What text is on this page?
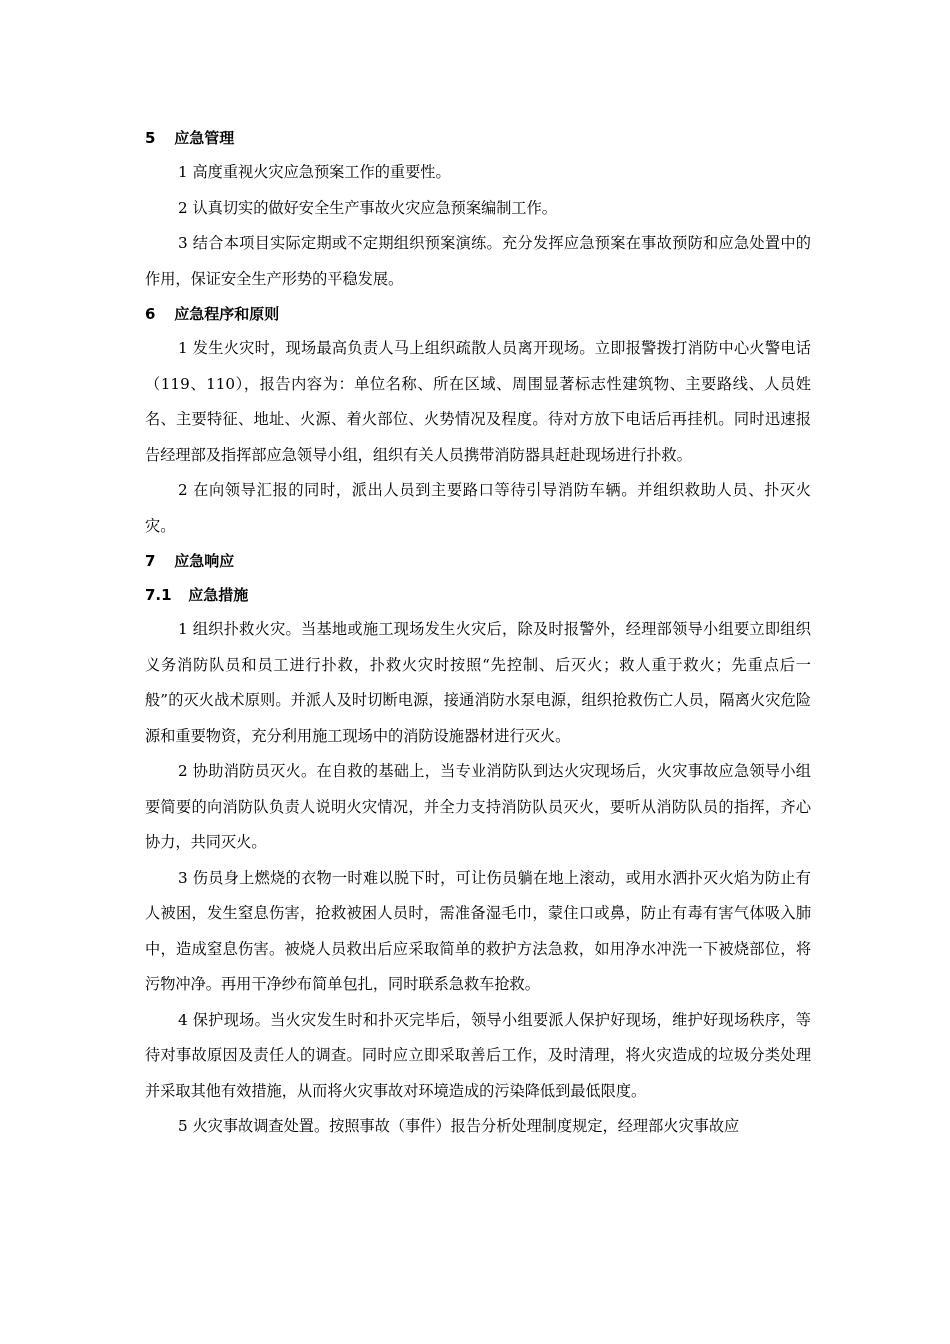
5 应急管理

1 高度重视火灾应急预案工作的重要性。

2 认真切实的做好安全生产事故火灾应急预案编制工作。

3 结合本项目实际定期或不定期组织预案演练。充分发挥应急预案在事故预防和应急处置中的作用，保证安全生产形势的平稳发展。

6 应急程序和原则

1 发生火灾时，现场最高负责人马上组织疏散人员离开现场。立即报警拨打消防中心火警电话（119、110），报告内容为：单位名称、所在区域、周围显著标志性建筑物、主要路线、人员姓名、主要特征、地址、火源、着火部位、火势情况及程度。待对方放下电话后再挂机。同时迅速报告经理部及指挥部应急领导小组，组织有关人员携带消防器具赶赴现场进行扑救。

2 在向领导汇报的同时，派出人员到主要路口等待引导消防车辆。并组织救助人员、扑灭火灾。

7 应急响应
7.1 应急措施

1 组织扑救火灾。当基地或施工现场发生火灾后，除及时报警外，经理部领导小组要立即组织义务消防队员和员工进行扑救，扑救火灾时按照“先控制、后灭火；救人重于救火；先重点后一般”的灭火战术原则。并派人及时切断电源，接通消防水泵电源，组织抢救伤亡人员，隔离火灾危险源和重要物资，充分利用施工现场中的消防设施器材进行灭火。

2 协助消防员灭火。在自救的基础上，当专业消防队到达火灾现场后，火灾事故应急领导小组要简要的向消防队负责人说明火灾情况，并全力支持消防队员灭火，要听从消防队员的指挥，齐心协力，共同灭火。

3 伤员身上燃烧的衣物一时难以脱下时，可让伤员躺在地上滚动，或用水洒扑灭火焰为防止有人被困，发生窒息伤害，抢救被困人员时，需准备湿毛巾，蒙住口或鼻，防止有毒有害气体吸入肺中，造成窒息伤害。被烧人员救出后应采取简单的救护方法急救，如用净水冲洗一下被烧部位，将污物冲净。再用干净纱布简单包扎，同时联系急救车抢救。

4 保护现场。当火灾发生时和扑灭完毕后，领导小组要派人保护好现场，维护好现场秩序，等待对事故原因及责任人的调查。同时应立即采取善后工作，及时清理，将火灾造成的垃圾分类处理并采取其他有效措施，从而将火灾事故对环境造成的污染降低到最低限度。

5 火灾事故调查处置。按照事故（事件）报告分析处理制度规定，经理部火灾事故应
